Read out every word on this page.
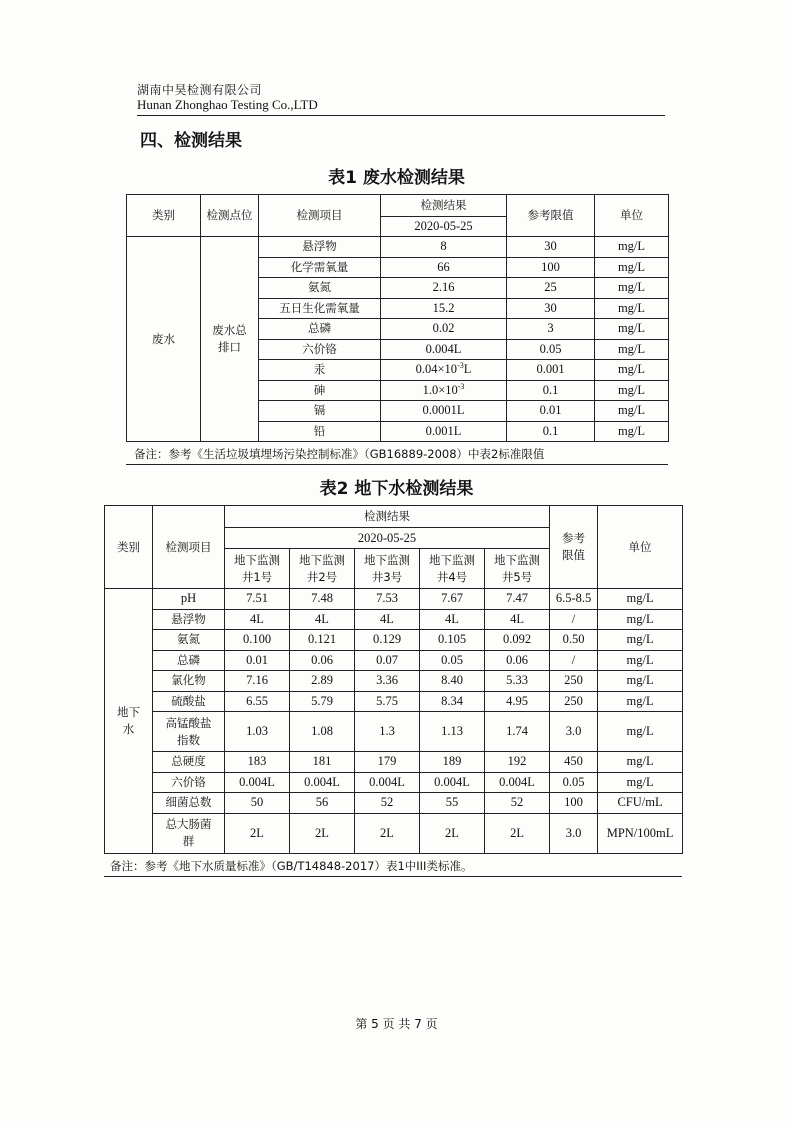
湖南中昊检测有限公司
Hunan Zhonghao Testing Co.,LTD
四、检测结果
表1 废水检测结果
类别	检测点位	检测项目	检测结果	参考限值	单位
			2020-05-25		
废水	废水总排口	悬浮物	8	30	mg/L
		化学需氧量	66	100	mg/L
		氨氮	2.16	25	mg/L
		五日生化需氧量	15.2	30	mg/L
		总磷	0.02	3	mg/L
		六价铬	0.004L	0.05	mg/L
		汞	$0.04\times 10^{-3}L$	0.001	mg/L
		砷	$1.0\times 10^{-3}$	0.1	mg/L
		镉	0.0001L	0.01	mg/L
		铅	0.001L	0.1	mg/L
备注：参考《生活垃圾填埋场污染控制标准》（GB16889-2008）中表2标准限值
表2 地下水检测结果
类别	检测项目	检测结果					参考限值	单位
		2020-05-25						
		地下监测井1号	地下监测井2号	地下监测井3号	地下监测井4号	地下监测井5号		
地下水	pH	7.51	7.48	7.53	7.67	7.47	6.5-8.5	mg/L
	悬浮物	4L	4L	4L	4L	4L	/	mg/L
	氨氮	0.100	0.121	0.129	0.105	0.092	0.50	mg/L
	总磷	0.01	0.06	0.07	0.05	0.06	/	mg/L
	氯化物	7.16	2.89	3.36	8.40	5.33	250	mg/L
	硫酸盐	6.55	5.79	5.75	8.34	4.95	250	mg/L
	高锰酸盐指数	1.03	1.08	1.3	1.13	1.74	3.0	mg/L
	总硬度	183	181	179	189	192	450	mg/L
	六价铬	0.004L	0.004L	0.004L	0.004L	0.004L	0.05	mg/L
	细菌总数	50	56	52	55	52	100	CFU/mL
	总大肠菌群	2L	2L	2L	2L	2L	3.0	MPN/100mL
备注：参考《地下水质量标准》（GB/T14848-2017）表1中III类标准。
第 5 页 共 7 页
